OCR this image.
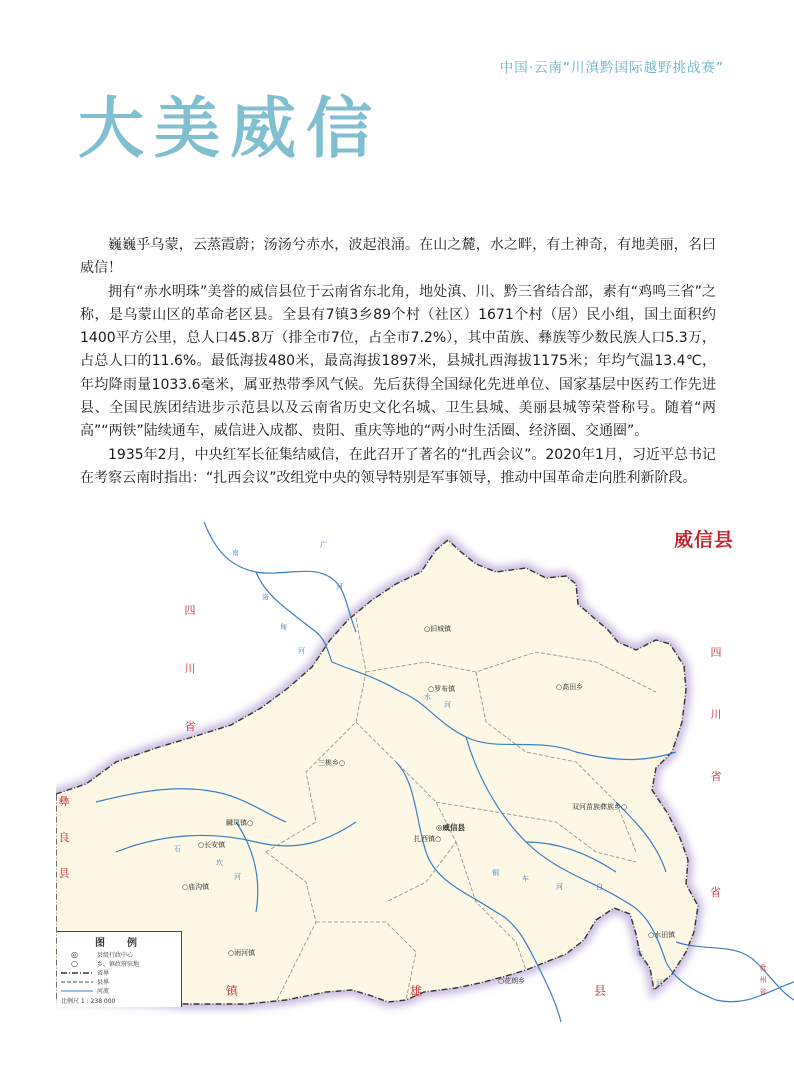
中国·云南“川滇黔国际越野挑战赛”
大美威信

巍巍乎乌蒙，云蒸霞蔚；汤汤兮赤水，波起浪涌。在山之麓，水之畔，有土神奇，有地美丽，名曰威信！

拥有“赤水明珠”美誉的威信县位于云南省东北角，地处滇、川、黔三省结合部，素有“鸡鸣三省”之称，是乌蒙山区的革命老区县。全县有7镇3乡89个村（社区）1671个村（居）民小组，国土面积约1400平方公里，总人口45.8万（排全市7位，占全市7.2%），其中苗族、彝族等少数民族人口5.3万，占总人口的11.6%。最低海拔480米，最高海拔1897米，县城扎西海拔1175米；年均气温13.4℃，年均降雨量1033.6毫米，属亚热带季风气候。先后获得全国绿化先进单位、国家基层中医药工作先进县、全国民族团结进步示范县以及云南省历史文化名城、卫生县城、美丽县城等荣誉称号。随着“两高”“两铁”陆续通车，威信进入成都、贵阳、重庆等地的“两小时生活圈、经济圈、交通圈”。

1935年2月，中央红军长征集结威信，在此召开了著名的“扎西会议”。2020年1月，习近平总书记在考察云南时指出：“扎西会议”改组党中央的领导特别是军事领导，推动中国革命走向胜利新阶段。

四
川
省
四
川
省
彝
良
县
省
镇	雄	县
贵
州
省
○旧城镇
○罗布镇	○高田乡
三桃乡○
双河苗族彝族乡○
麟凤镇○
扎西镇○
◎威信县
○长安镇
○庙沟镇
○水田镇
○雨河镇
○花朗乡
南
广
河
洛
甸
河
石
坎
河
水
河
铜
车
河	白
水
河
威信县
图　例
◎	县级行政中心
○	乡、镇政府驻地
省界
县界
河流
比例尺 1 : 238 000
